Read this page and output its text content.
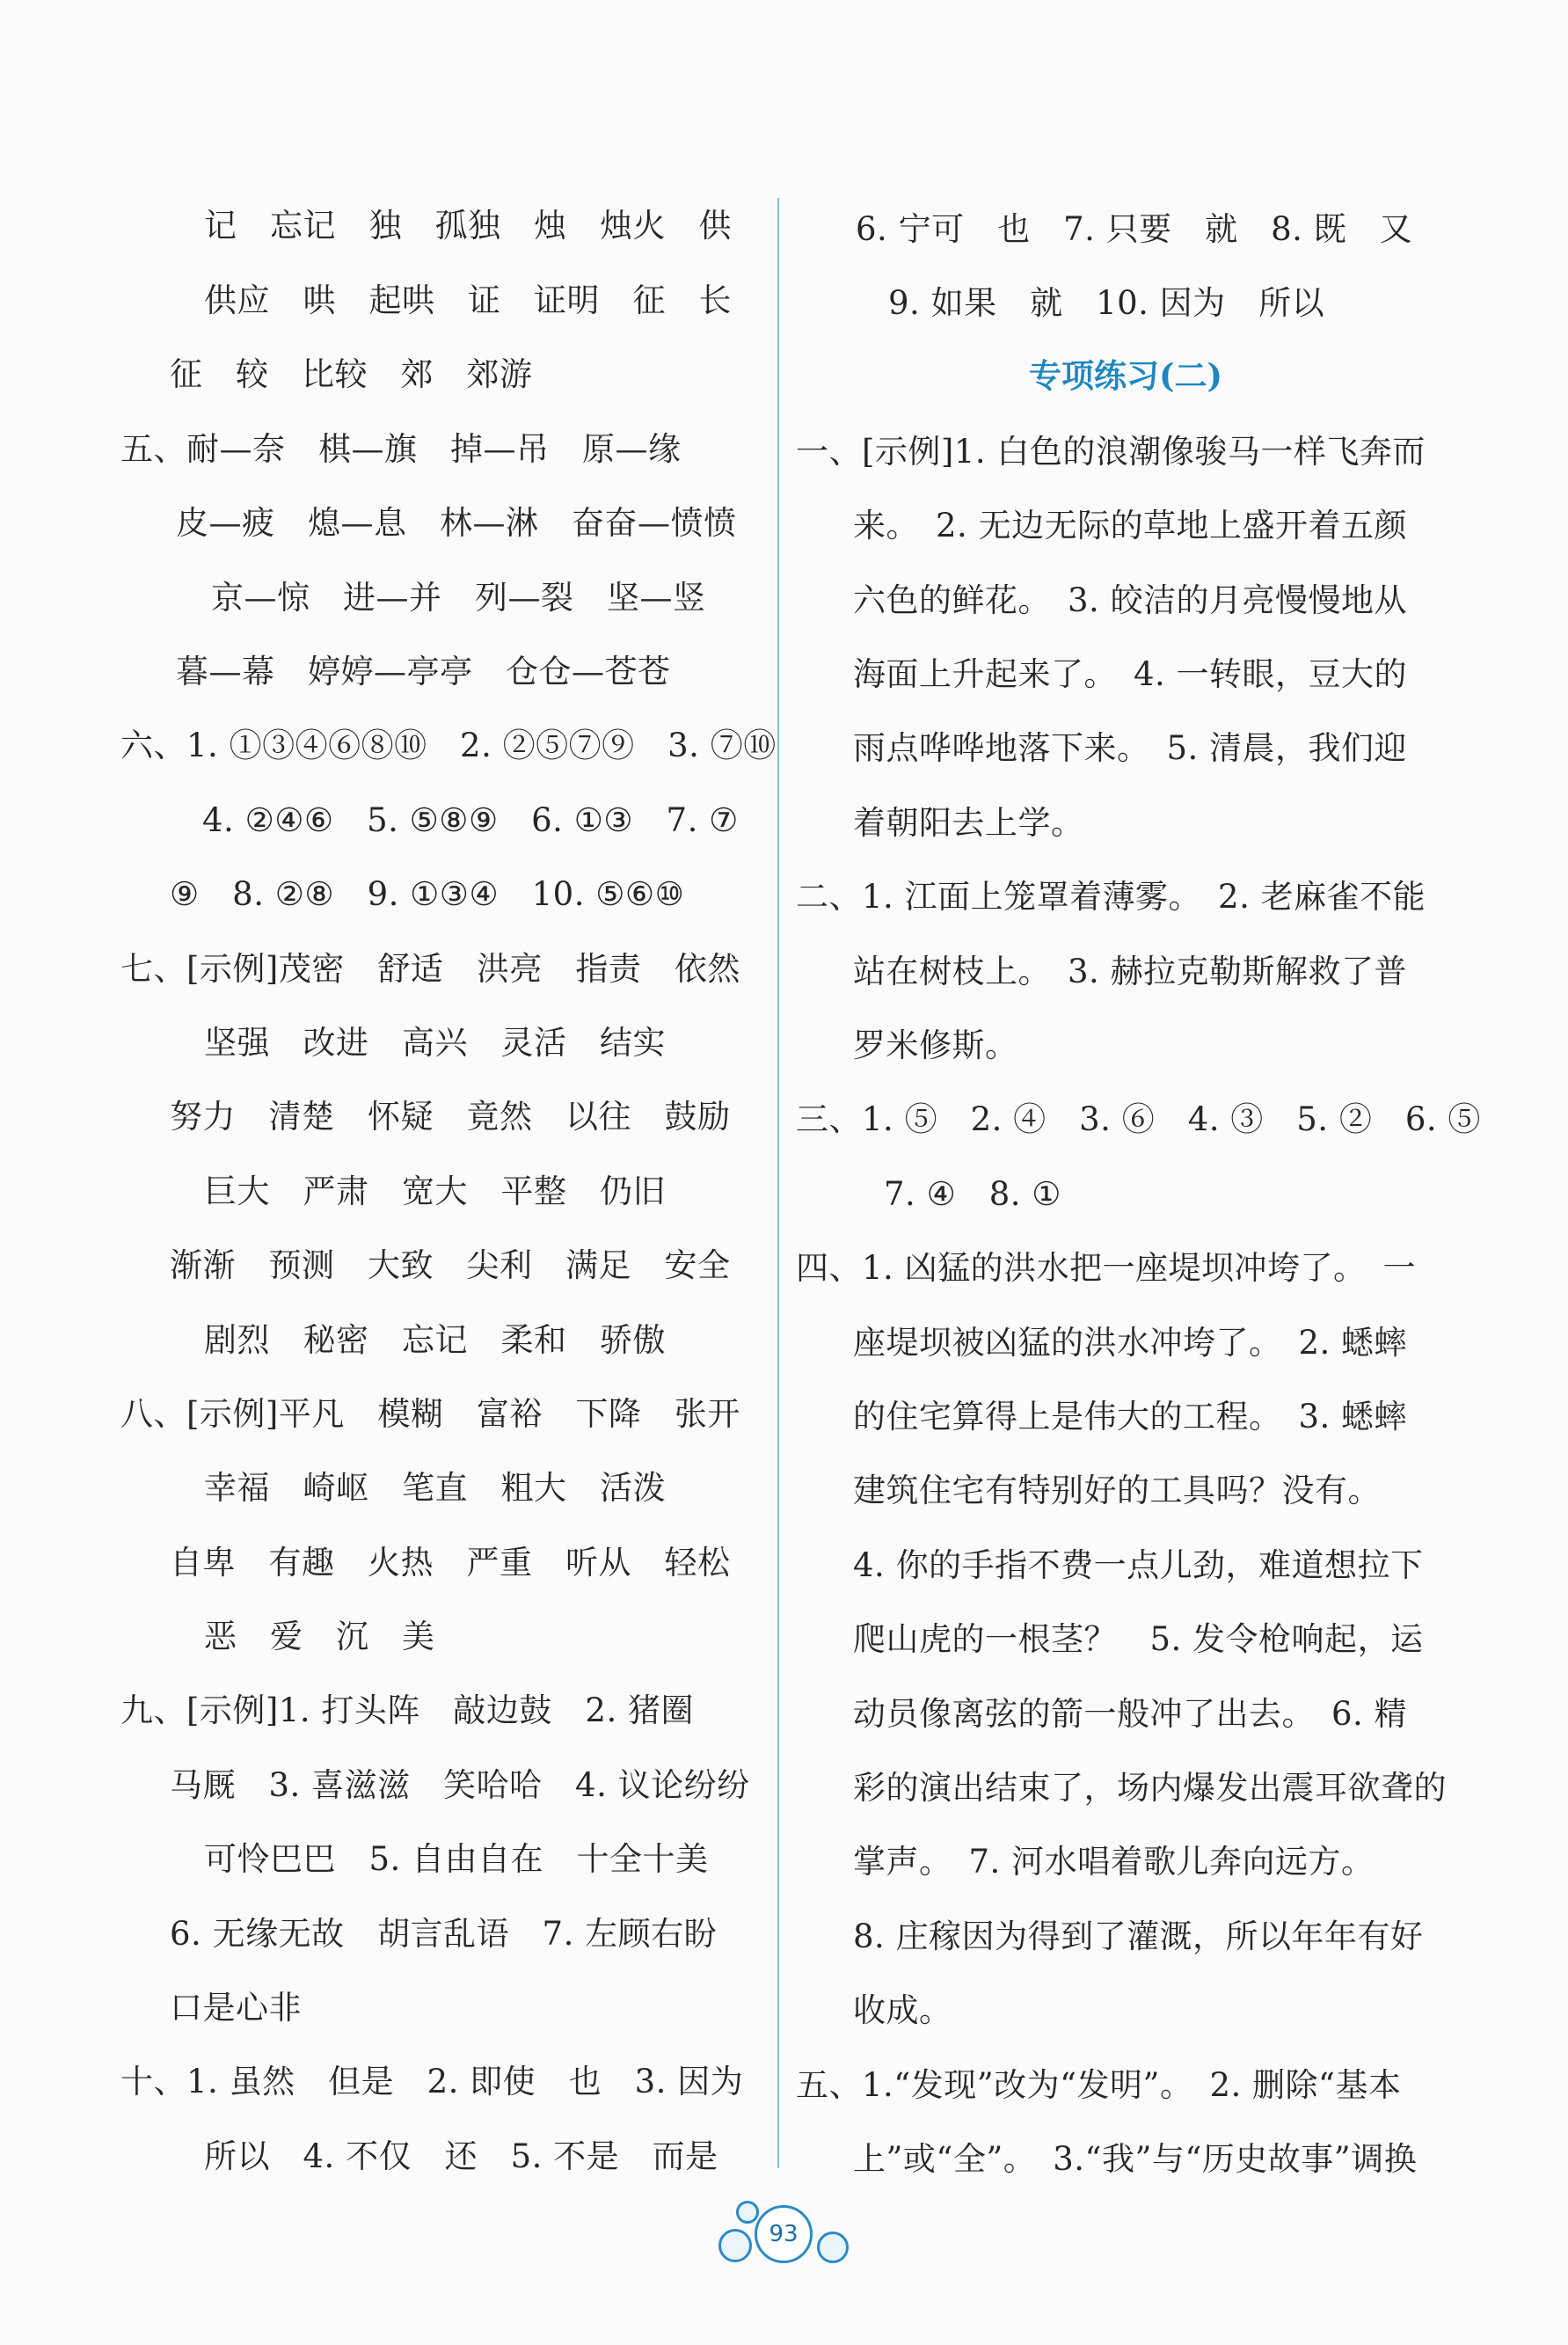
记　忘记　独　孤独　烛　烛火　供
供应　哄　起哄　证　证明　征　长
征　较　比较　郊　郊游
五、耐—奈　棋—旗　掉—吊　原—缘
皮—疲　熄—息　林—淋　奋奋—愤愤
京—惊　进—并　列—裂　坚—竖
暮—幕　婷婷—亭亭　仓仓—苍苍
六、1. ①③④⑥⑧⑩　2. ②⑤⑦⑨　3. ⑦⑩
4. ②④⑥　5. ⑤⑧⑨　6. ①③　7. ⑦
⑨　8. ②⑧　9. ①③④　10. ⑤⑥⑩
七、[示例]茂密　舒适　洪亮　指责　依然
坚强　改进　高兴　灵活　结实
努力　清楚　怀疑　竟然　以往　鼓励
巨大　严肃　宽大　平整　仍旧
渐渐　预测　大致　尖利　满足　安全
剧烈　秘密　忘记　柔和　骄傲
八、[示例]平凡　模糊　富裕　下降　张开
幸福　崎岖　笔直　粗大　活泼
自卑　有趣　火热　严重　听从　轻松
恶　爱　沉　美
九、[示例]1. 打头阵　敲边鼓　2. 猪圈
马厩　3. 喜滋滋　笑哈哈　4. 议论纷纷
可怜巴巴　5. 自由自在　十全十美
6. 无缘无故　胡言乱语　7. 左顾右盼
口是心非
十、1. 虽然　但是　2. 即使　也　3. 因为
所以　4. 不仅　还　5. 不是　而是
6. 宁可　也　7. 只要　就　8. 既　又
9. 如果　就　10. 因为　所以
专项练习(二)
一、[示例]1. 白色的浪潮像骏马一样飞奔而
来。　2. 无边无际的草地上盛开着五颜
六色的鲜花。　3. 皎洁的月亮慢慢地从
海面上升起来了。　4. 一转眼，豆大的
雨点哗哗地落下来。　5. 清晨，我们迎
着朝阳去上学。
二、1. 江面上笼罩着薄雾。　2. 老麻雀不能
站在树枝上。　3. 赫拉克勒斯解救了普
罗米修斯。
三、1. ⑤　2. ④　3. ⑥　4. ③　5. ②　6. ⑤
7. ④　8. ①
四、1. 凶猛的洪水把一座堤坝冲垮了。　一
座堤坝被凶猛的洪水冲垮了。　2. 蟋蟀
的住宅算得上是伟大的工程。　3. 蟋蟀
建筑住宅有特别好的工具吗？没有。
4. 你的手指不费一点儿劲，难道想拉下
爬山虎的一根茎？　5. 发令枪响起，运
动员像离弦的箭一般冲了出去。　6. 精
彩的演出结束了，场内爆发出震耳欲聋的
掌声。　7. 河水唱着歌儿奔向远方。
8. 庄稼因为得到了灌溉，所以年年有好
收成。
五、1.“发现”改为“发明”。　2. 删除“基本
上”或“全”。　3.“我”与“历史故事”调换
93
